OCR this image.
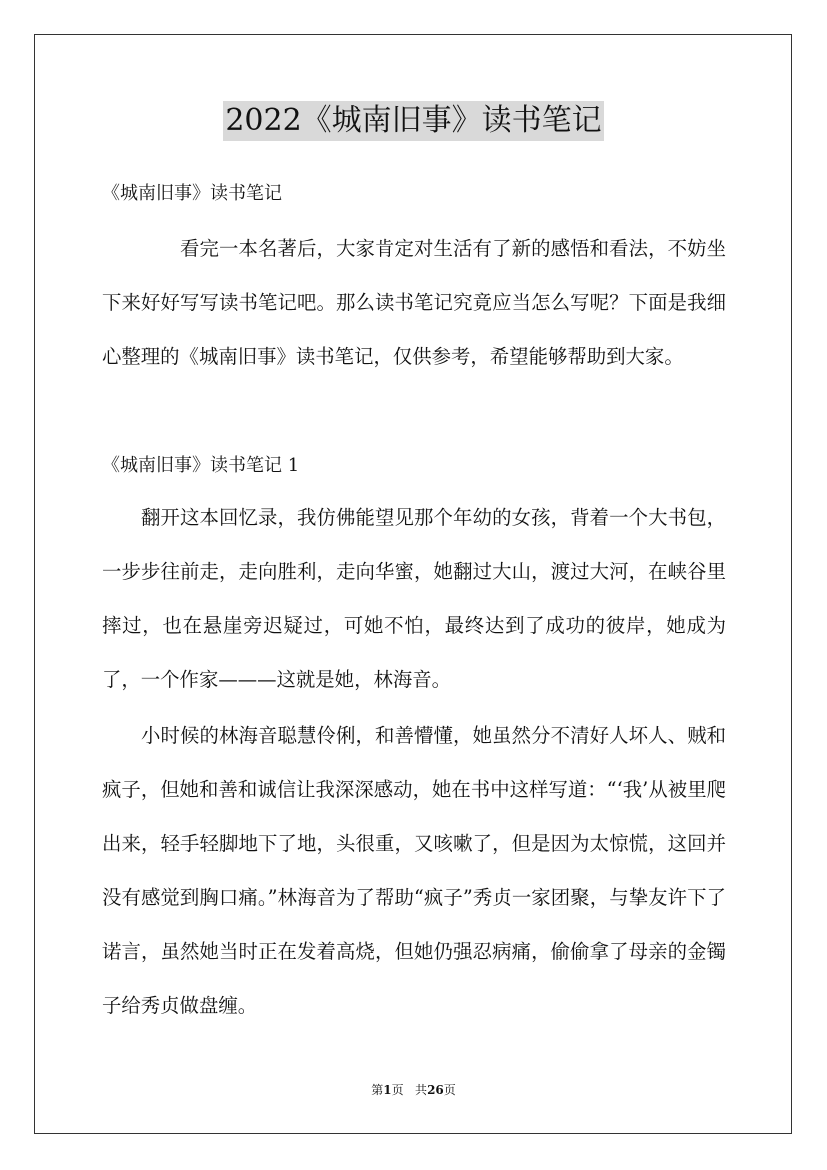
2022《城南旧事》读书笔记
《城南旧事》读书笔记

看完一本名著后，大家肯定对生活有了新的感悟和看法，不妨坐下来好好写写读书笔记吧。那么读书笔记究竟应当怎么写呢？下面是我细心整理的《城南旧事》读书笔记，仅供参考，希望能够帮助到大家。

《城南旧事》读书笔记 1

翻开这本回忆录，我仿佛能望见那个年幼的女孩，背着一个大书包，一步步往前走，走向胜利，走向华蜜，她翻过大山，渡过大河，在峡谷里摔过，也在悬崖旁迟疑过，可她不怕，最终达到了成功的彼岸，她成为了，一个作家———这就是她，林海音。

小时候的林海音聪慧伶俐，和善懵懂，她虽然分不清好人坏人、贼和疯子，但她和善和诚信让我深深感动，她在书中这样写道：“‘我’从被里爬出来，轻手轻脚地下了地，头很重，又咳嗽了，但是因为太惊慌，这回并没有感觉到胸口痛。”林海音为了帮助“疯子”秀贞一家团聚，与挚友许下了诺言，虽然她当时正在发着高烧，但她仍强忍病痛，偷偷拿了母亲的金镯子给秀贞做盘缠。

第1页 共26页
